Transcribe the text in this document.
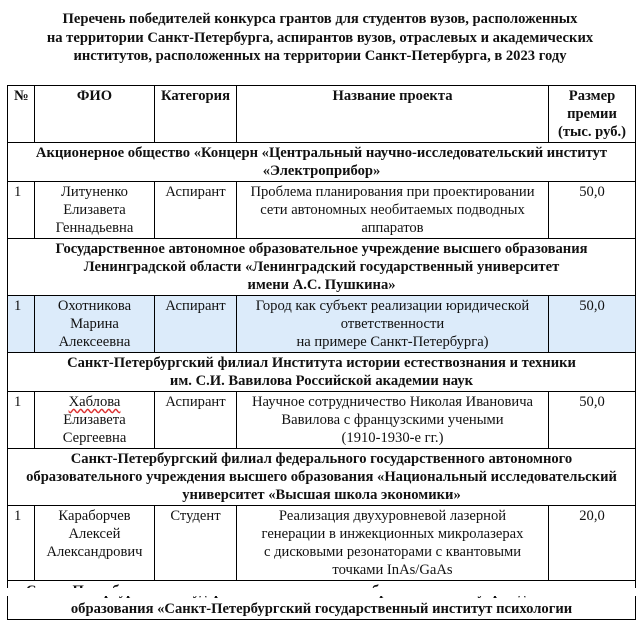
Перечень победителей конкурса грантов для студентов вузов, расположенных
на территории Санкт-Петербурга, аспирантов вузов, отраслевых и академических
институтов, расположенных на территории Санкт-Петербурга, в 2023 году
№	ФИО	Категория	Название проекта	Размер
премии
(тыс. руб.)

Акционерное общество «Концерн «Центральный научно-исследовательский институт
«Электроприбор»				

1	Литуненко
Елизавета
Геннадьевна	Аспирант	Проблема планирования при проектировании
сети автономных необитаемых подводных
аппаратов	50,0

Государственное автономное образовательное учреждение высшего образования
Ленинградской области «Ленинградский государственный университет
имени А.С. Пушкина»				

1	Охотникова
Марина
Алексеевна	Аспирант	Город как субъект реализации юридической
ответственности
на примере Санкт-Петербурга)	50,0

Санкт-Петербургский филиал Института истории естествознания и техники
им. С.И. Вавилова Российской академии наук				

1	Хаблова
Елизавета
Сергеевна	Аспирант	Научное сотрудничество Николая Ивановича
Вавилова с французскими учеными
(1910-1930-е гг.)	50,0

Санкт-Петербургский филиал федерального государственного автономного
образовательного учреждения высшего образования «Национальный исследовательский
университет «Высшая школа экономики»				

1	Караборчев
Алексей
Александрович	Студент	Реализация двухуровневой лазерной
генерации в инжекционных микролазерах
с дисковыми резонаторами с квантовыми
точками InAs/GaAs	20,0

образования «Санкт-Петербургский государственный институт психологии				
